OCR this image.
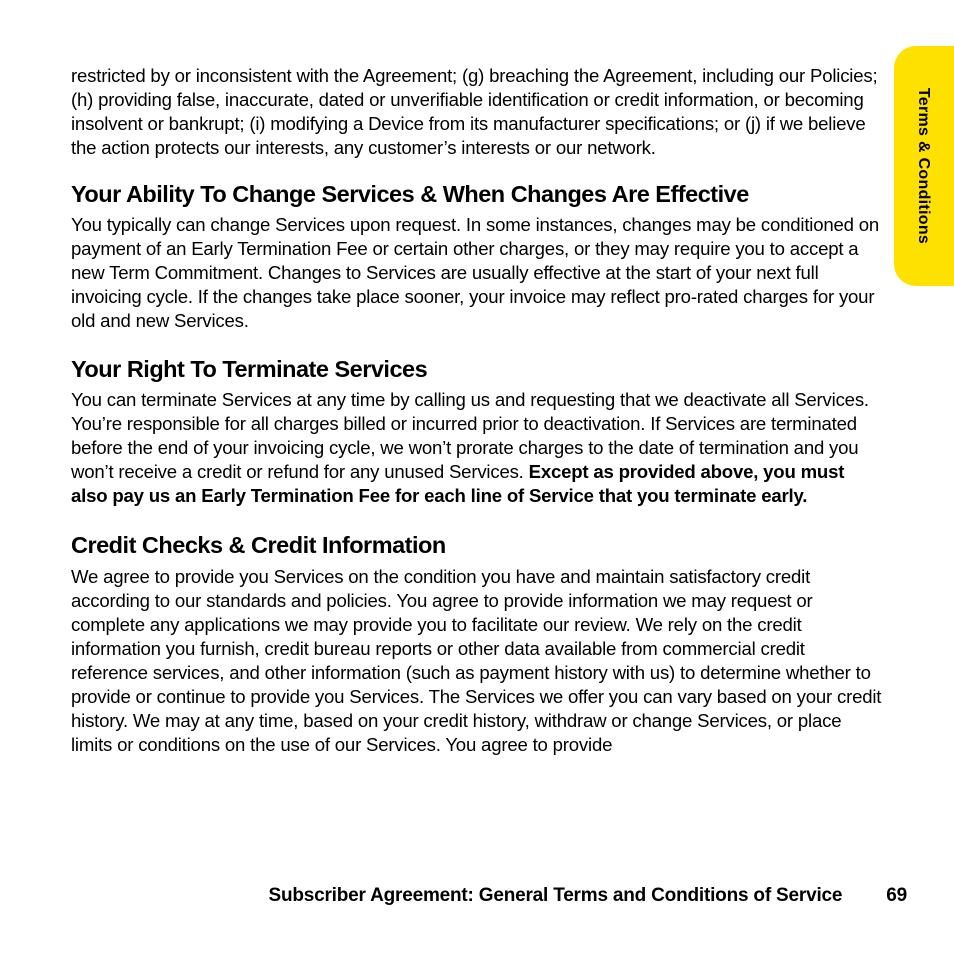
Terms & Conditions

restricted by or inconsistent with the Agreement; (g) breaching the Agreement, including our Policies; (h) providing false, inaccurate, dated or unverifiable identification or credit information, or becoming insolvent or bankrupt; (i) modifying a Device from its manufacturer specifications; or (j) if we believe the action protects our interests, any customer’s interests or our network.

Your Ability To Change Services & When Changes Are Effective

You typically can change Services upon request. In some instances, changes may be conditioned on payment of an Early Termination Fee or certain other charges, or they may require you to accept a new Term Commitment. Changes to Services are usually effective at the start of your next full invoicing cycle. If the changes take place sooner, your invoice may reflect pro-rated charges for your old and new Services.

Your Right To Terminate Services

You can terminate Services at any time by calling us and requesting that we deactivate all Services. You’re responsible for all charges billed or incurred prior to deactivation. If Services are terminated before the end of your invoicing cycle, we won’t prorate charges to the date of termination and you won’t receive a credit or refund for any unused Services. Except as provided above, you must also pay us an Early Termination Fee for each line of Service that you terminate early.

Credit Checks & Credit Information

We agree to provide you Services on the condition you have and maintain satisfactory credit according to our standards and policies. You agree to provide information we may request or complete any applications we may provide you to facilitate our review. We rely on the credit information you furnish, credit bureau reports or other data available from commercial credit reference services, and other information (such as payment history with us) to determine whether to provide or continue to provide you Services. The Services we offer you can vary based on your credit history. We may at any time, based on your credit history, withdraw or change Services, or place limits or conditions on the use of our Services. You agree to provide

Subscriber Agreement: General Terms and Conditions of Service 69
